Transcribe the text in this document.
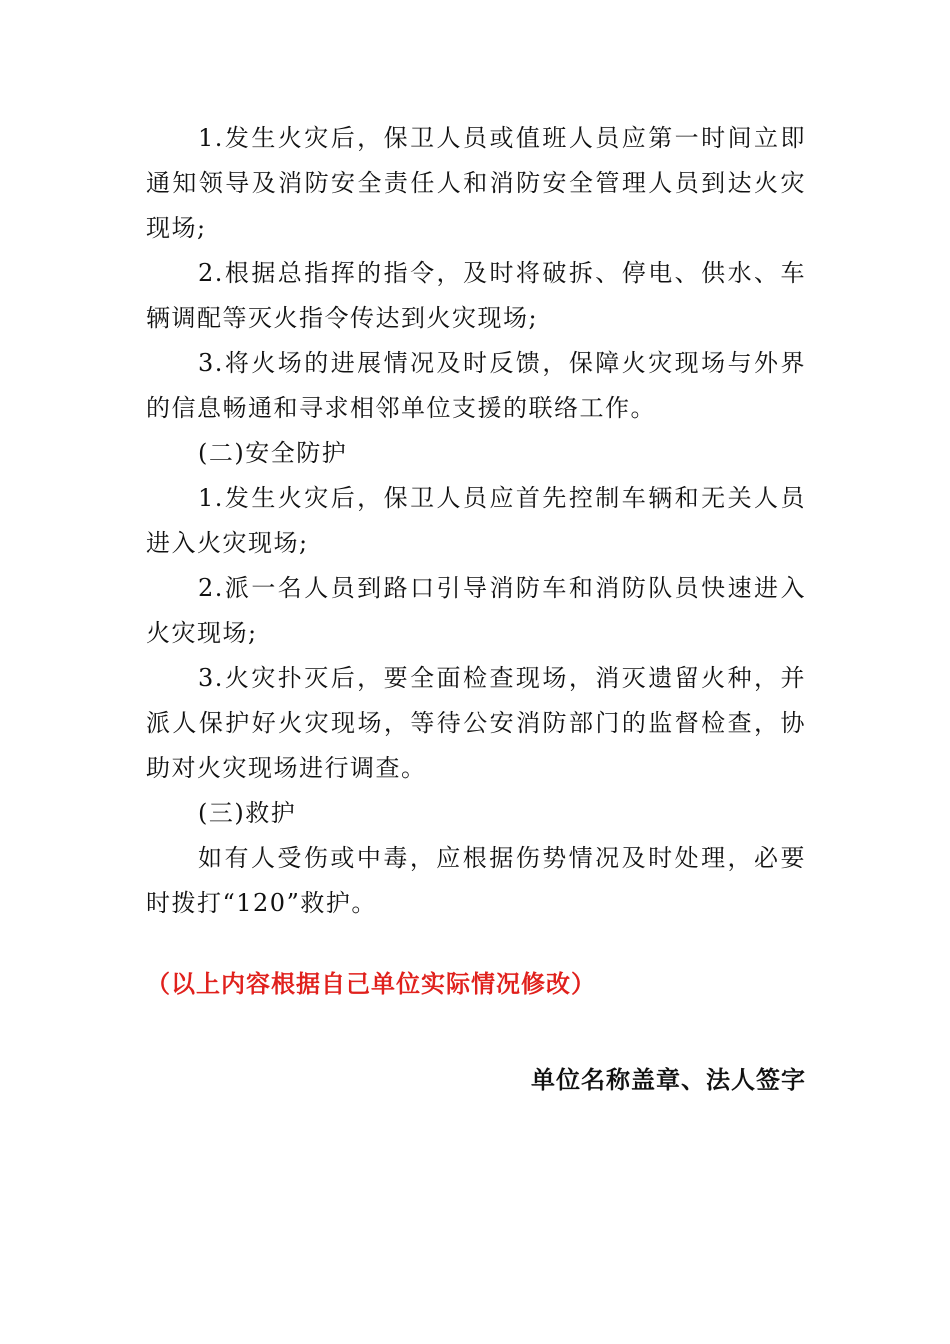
1.发生火灾后，保卫人员或值班人员应第一时间立即通知领导及消防安全责任人和消防安全管理人员到达火灾现场;

2.根据总指挥的指令，及时将破拆、停电、供水、车辆调配等灭火指令传达到火灾现场;

3.将火场的进展情况及时反馈，保障火灾现场与外界的信息畅通和寻求相邻单位支援的联络工作。

(二)安全防护

1.发生火灾后，保卫人员应首先控制车辆和无关人员进入火灾现场;

2.派一名人员到路口引导消防车和消防队员快速进入火灾现场;

3.火灾扑灭后，要全面检查现场，消灭遗留火种，并派人保护好火灾现场，等待公安消防部门的监督检查，协助对火灾现场进行调查。

(三)救护

如有人受伤或中毒，应根据伤势情况及时处理，必要时拨打“120”救护。

（以上内容根据自己单位实际情况修改）

单位名称盖章、法人签字
